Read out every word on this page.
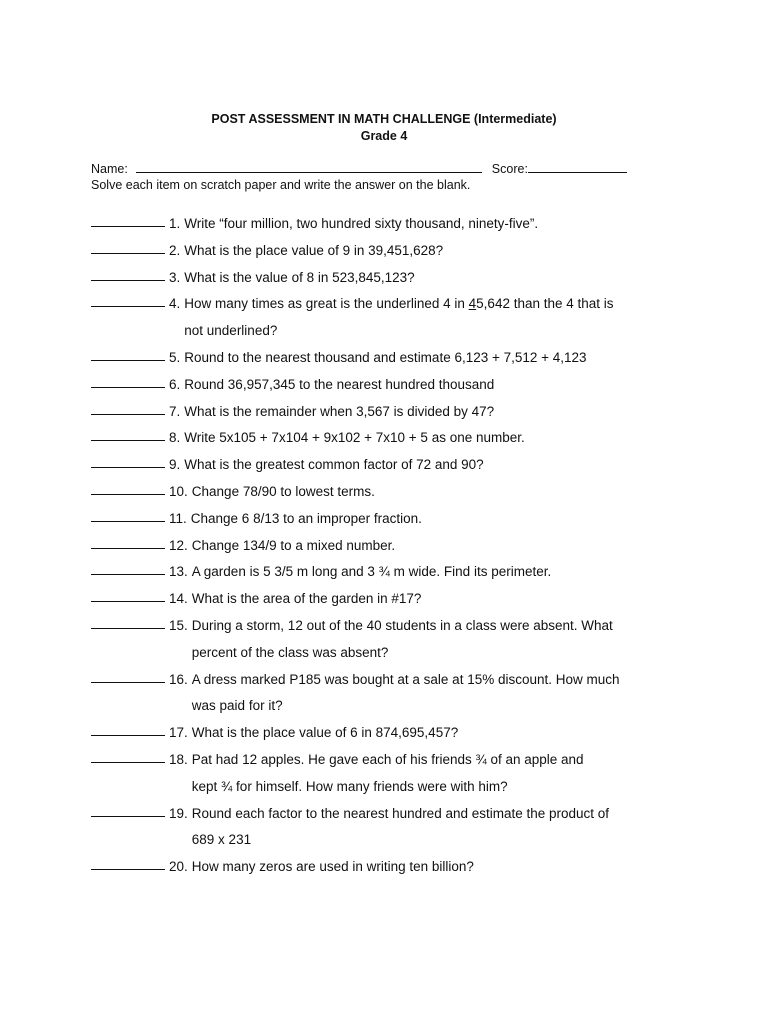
POST ASSESSMENT IN MATH CHALLENGE (Intermediate)
Grade 4
Name:	Score:
Solve each item on scratch paper and write the answer on the blank.
1. Write “four million, two hundred sixty thousand, ninety-five”.
2. What is the place value of 9 in 39,451,628?
3. What is the value of 8 in 523,845,123?
4. How many times as great is the underlined 4 in 45,642 than the 4 that is
not underlined?
5. Round to the nearest thousand and estimate 6,123 + 7,512 + 4,123
6. Round 36,957,345 to the nearest hundred thousand
7. What is the remainder when 3,567 is divided by 47?
8. Write 5x105 + 7x104 + 9x102 + 7x10 + 5 as one number.
9. What is the greatest common factor of 72 and 90?
10. Change 78/90 to lowest terms.
11. Change 6 8/13 to an improper fraction.
12. Change 134/9 to a mixed number.
13. A garden is 5 3/5 m long and 3 ¾ m wide. Find its perimeter.
14. What is the area of the garden in #17?
15. During a storm, 12 out of the 40 students in a class were absent. What
percent of the class was absent?
16. A dress marked P185 was bought at a sale at 15% discount. How much
was paid for it?
17. What is the place value of 6 in 874,695,457?
18. Pat had 12 apples. He gave each of his friends ¾ of an apple and
kept ¾ for himself. How many friends were with him?
19. Round each factor to the nearest hundred and estimate the product of
689 x 231
20. How many zeros are used in writing ten billion?
